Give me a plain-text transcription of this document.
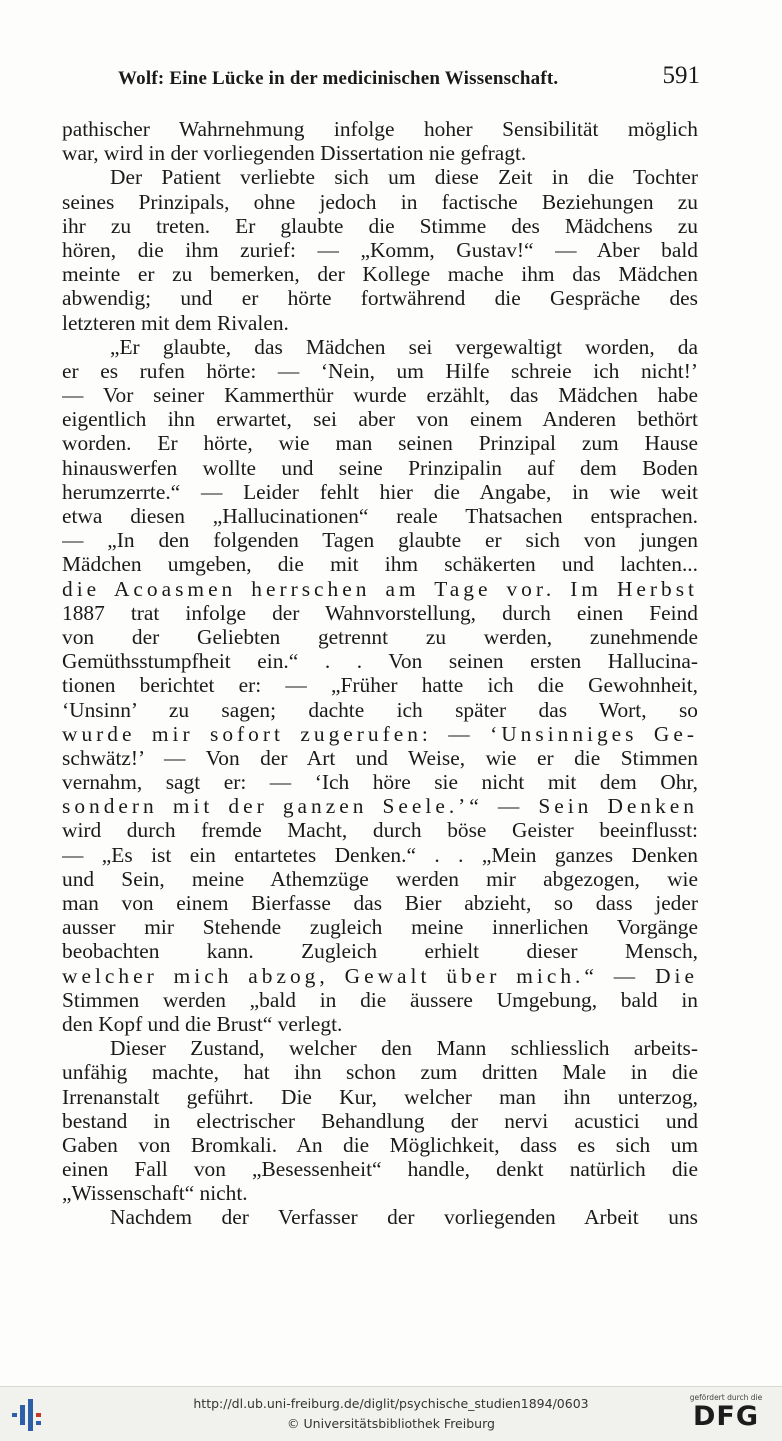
Wolf: Eine Lücke in der medicinischen Wissenschaft.	591
pathischer Wahrnehmung infolge hoher Sensibilität möglich
war, wird in der vorliegenden Dissertation nie gefragt.
Der Patient verliebte sich um diese Zeit in die Tochter
seines Prinzipals, ohne jedoch in factische Beziehungen zu
ihr zu treten. Er glaubte die Stimme des Mädchens zu
hören, die ihm zurief: — „Komm, Gustav!“ — Aber bald
meinte er zu bemerken, der Kollege mache ihm das Mädchen
abwendig; und er hörte fortwährend die Gespräche des
letzteren mit dem Rivalen.
„Er glaubte, das Mädchen sei vergewaltigt worden, da
er es rufen hörte: — ‘Nein, um Hilfe schreie ich nicht!’
— Vor seiner Kammerthür wurde erzählt, das Mädchen habe
eigentlich ihn erwartet, sei aber von einem Anderen bethört
worden. Er hörte, wie man seinen Prinzipal zum Hause
hinauswerfen wollte und seine Prinzipalin auf dem Boden
herumzerrte.“ — Leider fehlt hier die Angabe, in wie weit
etwa diesen „Hallucinationen“ reale Thatsachen entsprachen.
— „In den folgenden Tagen glaubte er sich von jungen
Mädchen umgeben, die mit ihm schäkerten und lachten...
die Acoasmen herrschen am Tage vor. Im Herbst
1887 trat infolge der Wahnvorstellung, durch einen Feind
von der Geliebten getrennt zu werden, zunehmende
Gemüthsstumpfheit ein.“ . . Von seinen ersten Hallucina-
tionen berichtet er: — „Früher hatte ich die Gewohnheit,
‘Unsinn’ zu sagen; dachte ich später das Wort, so
wurde mir sofort zugerufen: — ‘Unsinniges Ge-
schwätz!’ — Von der Art und Weise, wie er die Stimmen
vernahm, sagt er: — ‘Ich höre sie nicht mit dem Ohr,
sondern mit der ganzen Seele.’“ — Sein Denken
wird durch fremde Macht, durch böse Geister beeinflusst:
— „Es ist ein entartetes Denken.“ . . „Mein ganzes Denken
und Sein, meine Athemzüge werden mir abgezogen, wie
man von einem Bierfasse das Bier abzieht, so dass jeder
ausser mir Stehende zugleich meine innerlichen Vorgänge
beobachten kann. Zugleich erhielt dieser Mensch,
welcher mich abzog, Gewalt über mich.“ — Die
Stimmen werden „bald in die äussere Umgebung, bald in
den Kopf und die Brust“ verlegt.
Dieser Zustand, welcher den Mann schliesslich arbeits-
unfähig machte, hat ihn schon zum dritten Male in die
Irrenanstalt geführt. Die Kur, welcher man ihn unterzog,
bestand in electrischer Behandlung der nervi acustici und
Gaben von Bromkali. An die Möglichkeit, dass es sich um
einen Fall von „Besessenheit“ handle, denkt natürlich die
„Wissenschaft“ nicht.
Nachdem der Verfasser der vorliegenden Arbeit uns
http://dl.ub.uni-freiburg.de/diglit/psychische_studien1894/0603
© Universitätsbibliothek Freiburg
gefördert durch die
DFG
